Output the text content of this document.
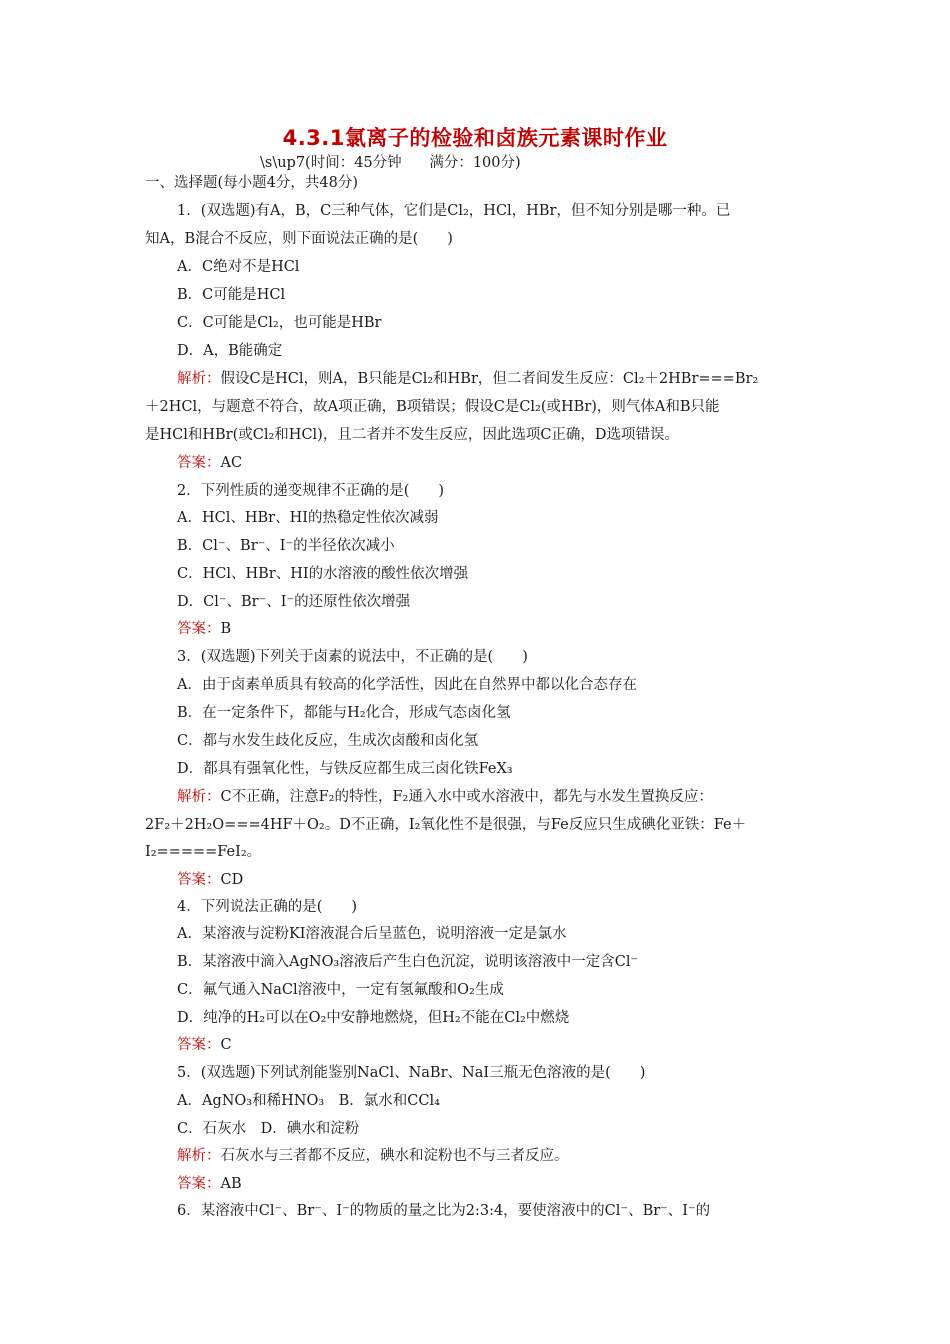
4.3.1氯离子的检验和卤族元素课时作业
\s\up7(时间：45分钟      满分：100分)
一、选择题(每小题4分，共48分)
1．(双选题)有A，B，C三种气体，它们是Cl₂，HCl，HBr，但不知分别是哪一种。已
知A，B混合不反应，则下面说法正确的是(　　)
A．C绝对不是HCl
B．C可能是HCl
C．C可能是Cl₂，也可能是HBr
D．A，B能确定
解析：假设C是HCl，则A，B只能是Cl₂和HBr，但二者间发生反应：Cl₂＋2HBr===Br₂
＋2HCl，与题意不符合，故A项正确，B项错误；假设C是Cl₂(或HBr)，则气体A和B只能
是HCl和HBr(或Cl₂和HCl)，且二者并不发生反应，因此选项C正确，D选项错误。
答案：AC
2．下列性质的递变规律不正确的是(　　)
A．HCl、HBr、HI的热稳定性依次减弱
B．Cl⁻、Br⁻、I⁻的半径依次减小
C．HCl、HBr、HI的水溶液的酸性依次增强
D．Cl⁻、Br⁻、I⁻的还原性依次增强
答案：B
3．(双选题)下列关于卤素的说法中，不正确的是(　　)
A．由于卤素单质具有较高的化学活性，因此在自然界中都以化合态存在
B．在一定条件下，都能与H₂化合，形成气态卤化氢
C．都与水发生歧化反应，生成次卤酸和卤化氢
D．都具有强氧化性，与铁反应都生成三卤化铁FeX₃
解析：C不正确，注意F₂的特性，F₂通入水中或水溶液中，都先与水发生置换反应：
2F₂＋2H₂O===4HF＋O₂。D不正确，I₂氧化性不是很强，与Fe反应只生成碘化亚铁：Fe＋
I₂=====FeI₂。
答案：CD
4．下列说法正确的是(　　)
A．某溶液与淀粉KI溶液混合后呈蓝色，说明溶液一定是氯水
B．某溶液中滴入AgNO₃溶液后产生白色沉淀，说明该溶液中一定含Cl⁻
C．氟气通入NaCl溶液中，一定有氢氟酸和O₂生成
D．纯净的H₂可以在O₂中安静地燃烧，但H₂不能在Cl₂中燃烧
答案：C
5．(双选题)下列试剂能鉴别NaCl、NaBr、NaI三瓶无色溶液的是(　　)
A．AgNO₃和稀HNO₃　B．氯水和CCl₄
C．石灰水　D．碘水和淀粉
解析：石灰水与三者都不反应，碘水和淀粉也不与三者反应。
答案：AB
6．某溶液中Cl⁻、Br⁻、I⁻的物质的量之比为2:3:4，要使溶液中的Cl⁻、Br⁻、I⁻的
